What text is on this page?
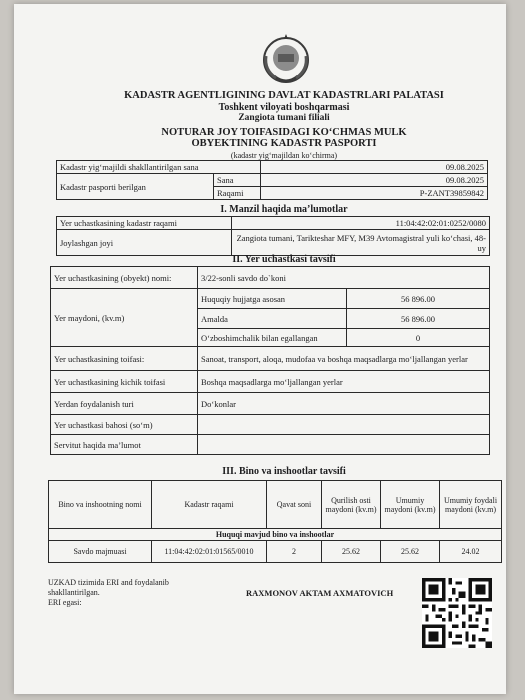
KADASTR AGENTLIGINING DAVLAT KADASTRLARI PALATASI
Toshkent viloyati boshqarmasi
Zangiota tumani filiali
NOTURAR JOY TOIFASIDAGI KO‘CHMAS MULK
OBYEKTINING KADASTR PASPORTI
(kadastr yig‘majildan ko‘chirma)
Kadastr yig‘majildi shakllantirilgan sana		09.08.2025
Kadastr pasporti berilgan	Sana	09.08.2025
	Raqami	P-ZANT39859842
I. Manzil haqida ma’lumotlar
Yer uchastkasining kadastr raqami	11:04:42:02:01:0252/0080
Joylashgan joyi	Zangiota tumani, Tarikteshar MFY, M39 Avtomagistral yuli ko‘chasi, 48-uy
II. Yer uchastkasi tavsifi
Yer uchastkasining (obyekt) nomi:	3/22-sonli savdo do`koni	
Yer maydoni, (kv.m)	Huquqiy hujjatga asosan	56 896.00
	Amalda	56 896.00
	O‘zboshimchalik bilan egallangan	0
Yer uchastkasining toifasi:	Sanoat, transport, aloqa, mudofaa va boshqa maqsadlarga mo‘ljallangan yerlar	
Yer uchastkasining kichik toifasi	Boshqa maqsadlarga mo‘ljallangan yerlar	
Yerdan foydalanish turi	Do‘konlar	
Yer uchastkasi bahosi (so‘m)		
Servitut haqida ma’lumot		
III. Bino va inshootlar tavsifi
Bino va inshootning nomi	Kadastr raqami	Qavat soni	Qurilish osti maydoni (kv.m)	Umumiy maydoni (kv.m)	Umumiy foydali maydoni (kv.m)
Huquqi mavjud bino va inshootlar					
Savdo majmuasi	11:04:42:02:01:01565/0010	2	25.62	25.62	24.02
UZKAD tizimida ERI and foydalanib
shakllantirilgan.
ERI egasi:
RAXMONOV AKTAM AXMATOVICH
